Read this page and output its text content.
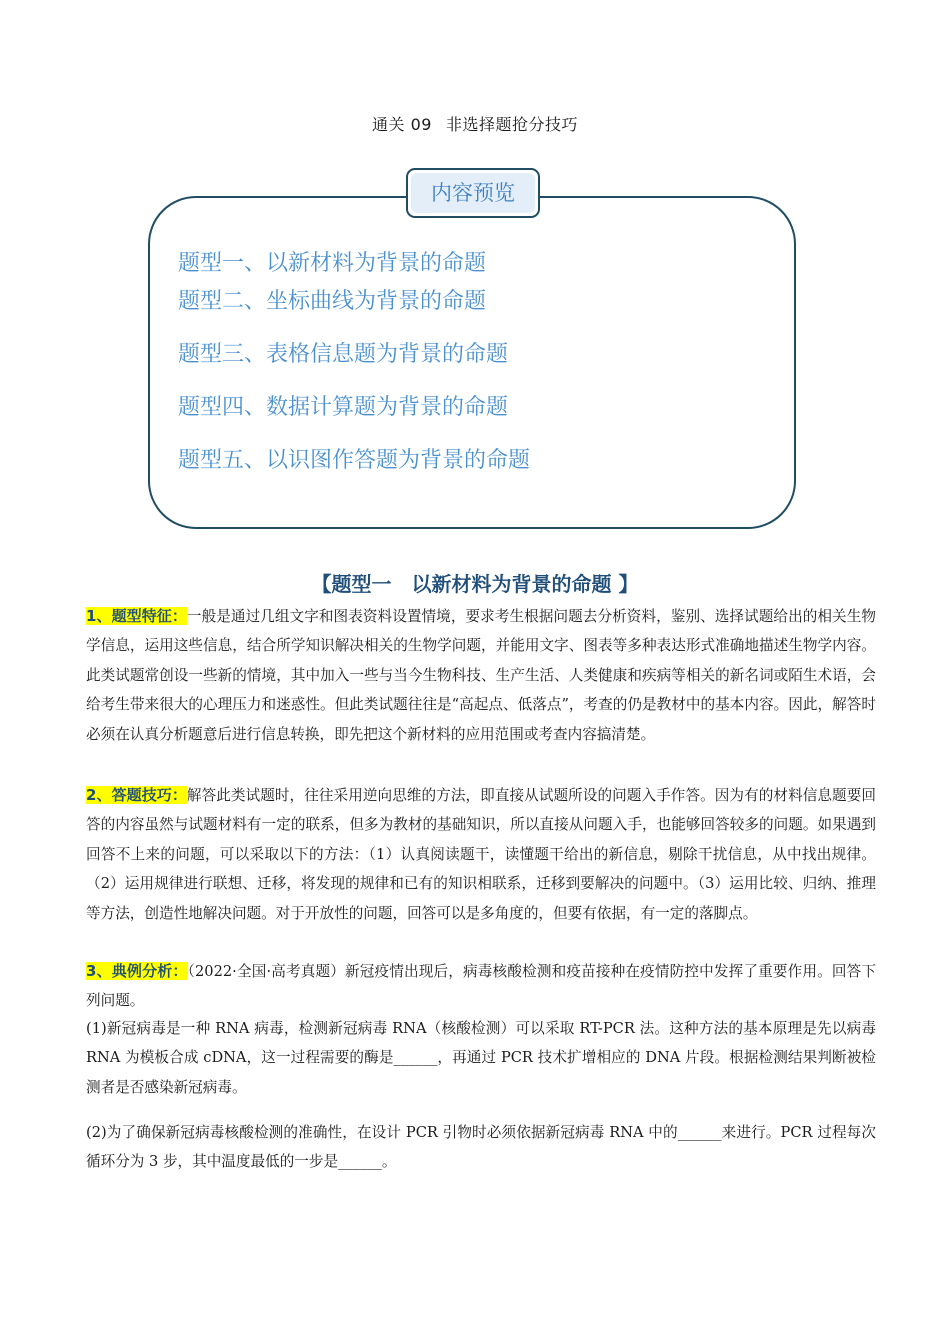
通关 09 非选择题抢分技巧
内容预览
题型一、以新材料为背景的命题
题型二、坐标曲线为背景的命题
题型三、表格信息题为背景的命题
题型四、数据计算题为背景的命题
题型五、以识图作答题为背景的命题
【题型一　以新材料为背景的命题 】
1、题型特征：一般是通过几组文字和图表资料设置情境，要求考生根据问题去分析资料，鉴别、选择试题给出的相关生物学信息，运用这些信息，结合所学知识解决相关的生物学问题，并能用文字、图表等多种表达形式准确地描述生物学内容。此类试题常创设一些新的情境，其中加入一些与当今生物科技、生产生活、人类健康和疾病等相关的新名词或陌生术语，会给考生带来很大的心理压力和迷惑性。但此类试题往往是“高起点、低落点”，考查的仍是教材中的基本内容。因此，解答时必须在认真分析题意后进行信息转换，即先把这个新材料的应用范围或考查内容搞清楚。
2、答题技巧：解答此类试题时，往往采用逆向思维的方法，即直接从试题所设的问题入手作答。因为有的材料信息题要回答的内容虽然与试题材料有一定的联系，但多为教材的基础知识，所以直接从问题入手，也能够回答较多的问题。如果遇到回答不上来的问题，可以采取以下的方法：（1）认真阅读题干，读懂题干给出的新信息，剔除干扰信息，从中找出规律。（2）运用规律进行联想、迁移，将发现的规律和已有的知识相联系，迁移到要解决的问题中。（3）运用比较、归纳、推理等方法，创造性地解决问题。对于开放性的问题，回答可以是多角度的，但要有依据，有一定的落脚点。
3、典例分析：（2022·全国·高考真题）新冠疫情出现后，病毒核酸检测和疫苗接种在疫情防控中发挥了重要作用。回答下列问题。
(1)新冠病毒是一种 RNA 病毒，检测新冠病毒 RNA（核酸检测）可以采取 RT-PCR 法。这种方法的基本原理是先以病毒 RNA 为模板合成 cDNA，这一过程需要的酶是______，再通过 PCR 技术扩增相应的 DNA 片段。根据检测结果判断被检测者是否感染新冠病毒。
(2)为了确保新冠病毒核酸检测的准确性，在设计 PCR 引物时必须依据新冠病毒 RNA 中的______来进行。PCR 过程每次循环分为 3 步，其中温度最低的一步是______。
